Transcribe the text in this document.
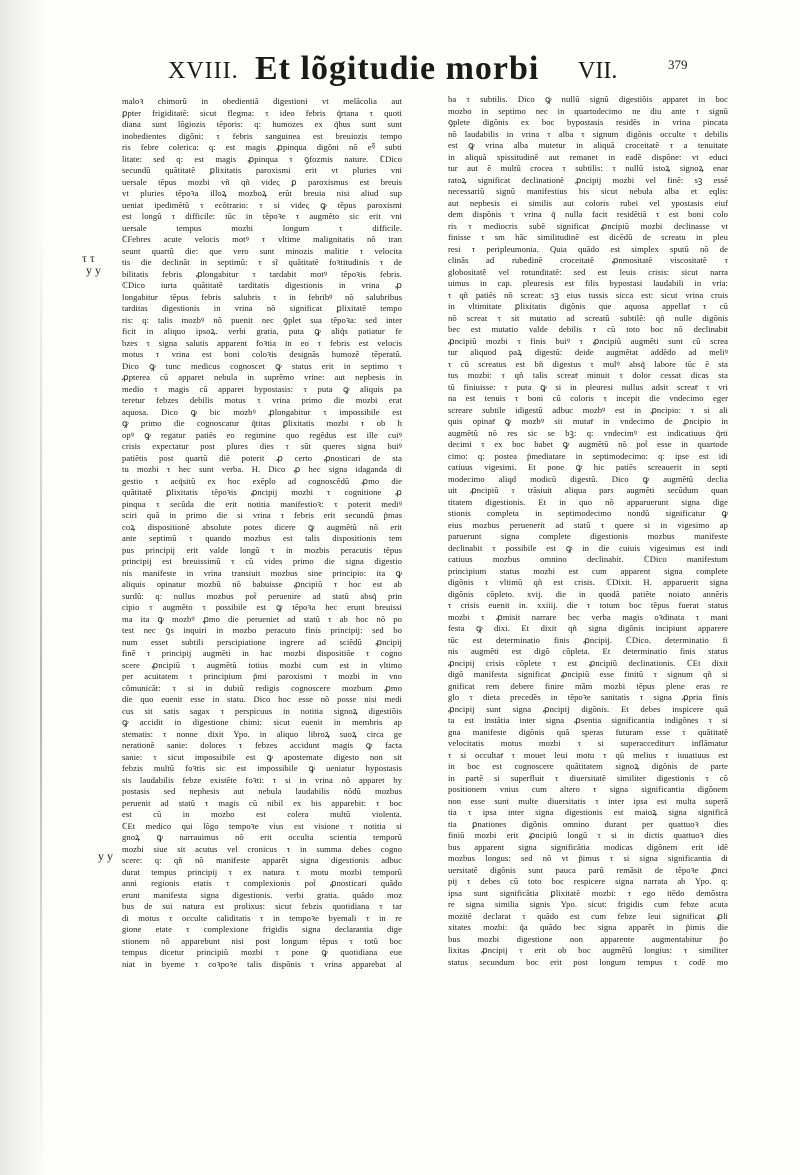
XVIII. Et lõgitudie morbi VII.	379
τ τ
y y
y y
maloꝛ chimorũ in obedientiã digestioni vt melãcolia aut
ꝑpter frigiditatẽ: sicut flegma: τ ideo febris q̃rtana τ quoti
diana sunt lõgiozis tẽporis: q: humozes ex q̃bus sunt sunt
inobedientes digõni: τ febris sanguinea est breuiozis tempo
ris febre colerica: q: est magis ꝓpinqua digõni nõ eꝰ̃ subti
litate: sed q: est magis ꝓpinqua τ ꝯfozmis nature. ℂDico
secundũ quãtitatẽ ꝑlixitatis paroxismi erit vt pluries vni
uersale tẽpus mozbi vñ qñ videς ꝑ paroxismus est breuis
vt pluries tẽpoꝛa illoꝝ mozboꝝ erũt breuia nisi aliud sup
ueniat ipedimẽtũ τ ecõtrario: τ si videς ꝙ tẽpus paroxismi
est longũ τ difficile: tũc in tẽpoꝛe τ augmẽto sic erit vni
uersale tempus mozbi longum τ difficile.
ℂFebres acute velocis motꝰ τ vltime malignitatis nõ tran
seunt quartũ die: que vero sunt minozis malitie τ velocita
tis die declinãt in septimũ: τ sĩ quãtitatẽ foꝛtitudinis τ de
bilitatis febris ꝓlongabitur τ tardabit motꝰ tẽpoꝛis febris.
ℂDico iurta quãtitatẽ tarditatis digestionis in vrina ꝓ
longabitur tẽpus febris salubris τ in febribꝰ nõ salubribus
tarditas digestionis in vrina nõ significat ꝑlixitatẽ tempo
ris: q: talis mozbꝰ nõ puenit nec ꝯplet sua tẽpoꝛa: sed inter
ficit in aliquo ipsoꝝ. verbi gratia, puta ꝙ aliq̃s patiatur fe
bzes τ signa salutis apparent foꝛtia in eo τ febris est velocis
motus τ vrina est boni coloꝛis designãs humozẽ tẽperatũ.
Dico ꝙ tunc medicus cognoscet ꝙ status erit in septimo τ
ꝓpterea cũ apparet nebula in suprẽmo vrine: aut nepbesis in
medio τ magis cũ apparet bypostasis: τ puta ꝙ aliquis pa
teretur febzes debilis motus τ vrina primo die mozbi erat
aquosa. Dico ꝙ bic mozbꝰ ꝓlongabitur τ impossibile est
ꝙ primo die cognoscatur q̃titas ꝑlixitatis mozbi τ ob h
opꝰ ꝙ regatur patiẽs eo regimine quo regẽdus est ille cuiꝰ
crisis expectatur post plures dies τ sũt queres signa buiꝰ
patiẽtis post quartũ diẽ poterit ꝓ certo ꝓnosticari de sta
tu mozbi τ hec sunt verba. H. Dico ꝓ hec signa idaganda di
gestio τ acq̃sitũ ex hoc exẽplo ad cognoscẽdũ ꝓmo die
quãtitatẽ ꝑlixitatis tẽpoꝛis ꝓncipij mozbi τ cognitione ꝓ
pinqua τ secũda die erit notitia manifestioꝛ: τ poterit mediꝰ
sciri quã in primo die si vrina τ febris erit secundũ p̃mas
coꝝ dispositionẽ absolute potes dicere ꝙ augmẽtũ nõ erit
ante septimũ τ quando mozbus est talis dispositionis tem
pus principij erit valde longũ τ in mozbis peracutis tẽpus
principij est breuissimũ τ cũ vides primo die signa digestio
nis manifeste in vrina transiuit mozbus sine principio: ita ꝙ
aliquis opinatur mozbũ nõ babuisse ꝓncipiũ τ hoc est ab
surdũ: q: nullus mozbus pot̃ peruenire ad statũ absq̃ prin
cipio τ augmẽto τ possibile est ꝙ tẽpoꝛa hec erunt breuissi
ma ita ꝙ mozbꝰ ꝓmo die perueniet ad statũ τ ab hoc nõ po
test nec ꝯs inquiri in mozbo peracuto finis principij: sed bo
num esset subtili perscipiatione ingrere ad sciẽdũ ꝓncipij
finẽ τ principij augmẽti in hac mozbi dispositiõe τ cogno
scere ꝓncipiũ τ augmẽtũ totius mozbi cum est in vltimo
per acuitatem τ principium p̃mi paroxismi τ mozbi in vno
cõmunicãt: τ si in dubiũ redigis cognoscere mozbum ꝓmo
die quo euenit esse in statu. Dico hoc esse nõ posse nisi medi
cus sit satis sagax τ perspicuus in notitia signoꝝ digestiõis
ꝙ accidit in digestione chimi: sicut euenit in membris ap
stematis: τ nonne dixit Ypo. in aliquo libroꝝ suoꝝ circa ge
nerationẽ sanie: dolores τ febzes accidunt magis ꝙ facta
sanie: τ sicut impossibile est ꝙ apostemate digesto non sit
febzis multũ foꝛtis sic est impossibile ꝙ ueniatur hypostasis
sis laudabilis febze existẽte foꝛti: τ si in vrina nõ apparet by
postasis sed nephesis aut nebula laudabilis nõdũ mozbus
peruenit ad statũ τ magis cũ nibil ex bis apparebit: τ boc
est cũ in mozbo est colera multũ violenta.
ℂEt medico qui lõgo tempoꝛe vius est visione τ notitia si
gnoꝝ ꝙ narrauimus nõ erit occulta scientia temporũ
mozbi siue sit acutus vel cronicus τ in summa debes cogno
scere: q: qñ nõ manifeste apparẽt signa digestionis adbuc
durat tempus principij τ ex natura τ motu mozbi temporũ
anni regionis etatis τ complexionis pot̃ ꝓnosticari quãdo
erunt manifesta signa digestionis. verbi gratia. quãdo moz
bus de sui natura est prolixus: sicut febzis quotidiana τ tar
di motus τ occulte caliditatis τ in tempoꝛe byemali τ in re
gione etate τ complexione frigidis signa declarantia dige
stionem nõ apparebunt nisi post longum tẽpus τ totũ boc
tempus dicetur principiũ mozbi τ pone ꝙ quotidiana eue
niat in byeme τ coꝛpoꝛe talis dispõnis τ vrina apparebat al
ba τ subtilis. Dico ꝙ nullũ signũ digestiõis apparet in boc
mozbo in septimo nec in quartodecimo ne diu ante τ signũ
ꝯplete digõnis ex boc bypostasis residẽs in vrina pincata
nõ laudabilis in vrina τ alba τ signum digõnis occulte τ debilis
est ꝙ vrina alba mutetur in aliquã croceitatẽ τ a tenuitate
in aliquã spissitudinẽ aut remanet in eadẽ dispõne: vt educi
tur aut ẽ multũ crocea τ subtilis: τ nullũ istoꝝ signoꝝ enar
ratoꝝ significat declinationẽ ꝓncipij mozbi vel finẽ: sꝫ essẽ
necessariũ signũ manifestius bis sicut nebula alba et eqlis:
aut nepbesis ei similis aut coloris rubei vel ypostasis eiuf
dem dispõnis τ vrina q̃ nulla facit residẽtiã τ est boni colo
ris τ mediocris subẽ significat ꝓncipiũ mozbi declinasse vt
finisse τ sm hãc similitudinẽ est dicẽdũ de screatu in pleu
resi τ peripleumonia. Quia quãdo est simplex sputũ nõ de
clinãs ad rubedinẽ croceitatẽ ꝓnmositatẽ viscositatẽ τ
globositatẽ vel rotunditatẽ: sed est leuis crisis: sicut narra
uimus in cap. pleuresis est filis bypostasi laudabili in vria:
τ qñ patiẽs nõ screat: sꝫ eius tussis sicca est: sicut vrina cruis
in vltimitate ꝑlixitatis digõnis que aquosa appellatͬ τ cũ
nõ screat τ sit mutatio ad screatũ subtilẽ: qñ nulle digõnis
bec est mutatio valde debilis τ cũ toto boc nõ declinabit
ꝓncipiũ mozbi τ finis buiꝰ τ ꝓncipiũ augmẽti sunt cũ screa
tur aliquod paꝝ digestũ: deide augmẽtat addẽdo ad meliꝰ
τ cũ screatus est bñ digestus τ mulꝰ absq̃ labore tũc ẽ sta
tus mozbi: τ qñ talis screatͬ minuit τ dolor cessat dicas sta
tũ finiuisse: τ puta ꝙ si in pleuresi nullus adsit screatͬ τ vri
na est tenuis τ boni cũ coloris τ incepit die vndecimo eger
screare subtile idigestũ adbuc mozbꝰ est in ꝓncipio: τ si ali
quis opinatͬ ꝙ mozbꝰ sit mutatͬ in vndecimo de ꝓncipio in
augmẽtũ nõ res sic se bꝫ: q: vndecimꝰ est indicatiuus q̃rti
decimi τ ex boc babet ꝙ augmẽtũ nõ pot̃ esse in quartode
cimo: q: postea p̃mediatare in septimodecimo: q: ipse est idi
catiuus vigesimi. Et pone ꝙ hic patiẽs screauerit in septi
modecimo aliqd modicũ digestũ. Dico ꝙ augmẽtũ declia
uit ꝓncipiũ τ trãsiuit aliqua pars augmẽti secũdum quan
titatem digestionis. Et in quo nõ apparuerunt signa dige
stionis completa in septimodecimo nondũ significatur ꝙ
eius mozbus peruenerit ad statũ τ quere si in vigesimo ap
paruerunt signa complete digestionis mozbus manifeste
declinabit τ possibile est ꝙ in die cuiuis vigesimus est indi
catiuus mozbus omnino declinabit. ℂDico manifestum
principium status mozbi est cum apparent signa complete
digõnis τ vltimũ qñ est crisis. ℂDixit. H. apparuerit signa
digõnis cõpleto. xvij. die in quodã patiẽte noiato annẽris
τ crisis euenit in. xxiiij. die τ totum boc tẽpus fuerat status
mozbi τ ꝓmisit narrare bec verba magis oꝛdinata τ mani
festa ꝙ dixi. Et dixit qñ signa digõnis incipiunt apparere
tũc est determinatio finis ꝓncipij. ℂDico. determinatio fi
nis augmẽti est digõ cõpleta. Et determinatio finis status
ꝓncipij crisis cõplete τ est ꝓncipiũ declinationis. ℂEt dixit
digõ manifesta significat ꝓncipiũ esse finitũ τ signum qñ si
gnificat rem debere finire mãm mozbi tẽpus plene eras re
glo τ dieta precedẽs in tẽpoꝛe sanitatis τ signa ꝓpria finis
ꝓncipij sunt signa ꝓncipij digõnis. Et debes inspicere quã
ta est instãtia inter signa ꝓsentia significantia indigõnes τ si
gna manifeste digõnis quã speras futuram esse τ quãtitatẽ
velocitatis motus mozbi τ si superaccediturτ inflãmatur
τ si occultatͬ τ mouet leui motu τ qũ melius τ iuuatiuus est
in boc est cognoscere quãtitatem signoꝝ digõnis de parte
in partẽ si superfluit τ diuersitatẽ similiter digestionis τ cõ
positionem vnius cum altero τ signa significantia digõnem
non esse sunt multe diuersitatis τ inter ipsa est multa superã
tia τ ipsa inter signa digestionis est maioꝝ signa significã
tia ꝑnationes digõnis omnino durant per quattuoꝛ dies
finiũ mozbi erit ꝓncipiũ longũ τ si in dictis quattuoꝛ dies
bus apparent signa significãtia modicas digõnem erit idẽ
mozbus longus: sed nõ vt p̃imus τ si signa significantia di
uersitatẽ digõnis sunt pauca parũ remãsit de tẽpoꝛe ꝓnci
pij τ debes cũ toto boc respicere signa narrata ab Ypo. q:
ipsa sunt significãtia ꝑlixitatẽ mozbi: τ ego itẽdo demõstra
re signa similia signis Ypo. sicut: frigidis cum febze acuta
mozitẽ declarat τ quãdo est cum febze leui significat ꝓli
xitates mozbi: q̃a quãdo bec signa apparẽt in p̃imis die
bus mozbi digestione non apparente augmentabitur p̃o
lixitas ꝓncipij τ erit ob boc augmẽtũ longius: τ similiter
status secundum boc erit post longum tempus τ codẽ mo
